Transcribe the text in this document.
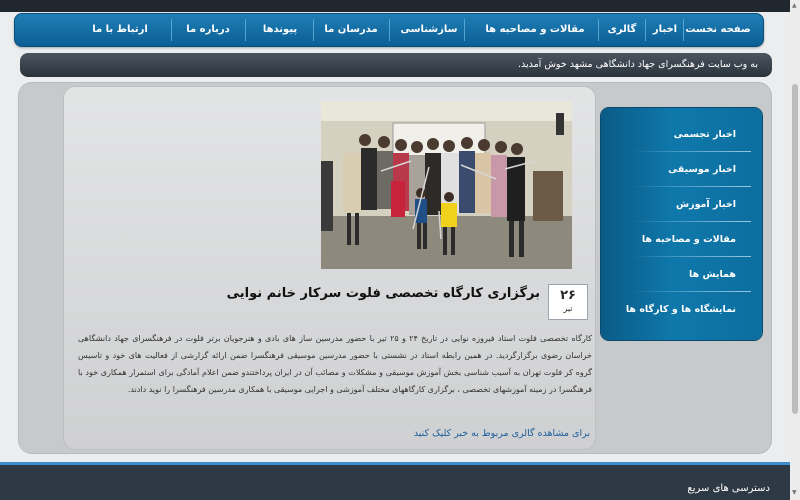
صفحه نخست
اخبار
گالری
مقالات و مصاحبه ها
سازشناسی
مدرسان ما
پیوندها
درباره ما
ارتباط با ما
به وب سایت فرهنگسرای جهاد دانشگاهی مشهد خوش آمدید.
۲۶
تیر
برگزاری کارگاه تخصصی فلوت سرکار خانم نوایی
کارگاه تخصصی فلوت استاد فیروزه نوایی در تاریخ ۲۴ و ۲۵ تیر با حضور مدرسین ساز های بادی و هنرجویان برتر فلوت در فرهنگسرای جهاد دانشگاهی خراسان رضوی برگزارگردید. در همین رابطه استاد در نشستی با حضور مدرسین موسیقی فرهنگسرا ضمن ارائه گزارشی از فعالیت های خود و تاسیس گروه کر فلوت تهران به آسیب شناسی بخش آموزش موسیقی و مشکلات و مصائب آن در ایران پرداختندو ضمن اعلام آمادگی برای استمرار همکاری خود با فرهنگسرا در زمینه آموزشهای تخصصی ، برگزاری کارگاههای مختلف آموزشی و اجرایی موسیقی با همکاری مدرسین فرهنگسرا را نوید دادند.
برای مشاهده گالری مربوط به خبر کلیک کنید
اخبار تجسمی
اخبار موسیقی
اخبار آموزش
مقالات و مصاحبه ها
همایش ها
نمایشگاه ها و کارگاه ها
دسترسی های سریع
▲
▼
